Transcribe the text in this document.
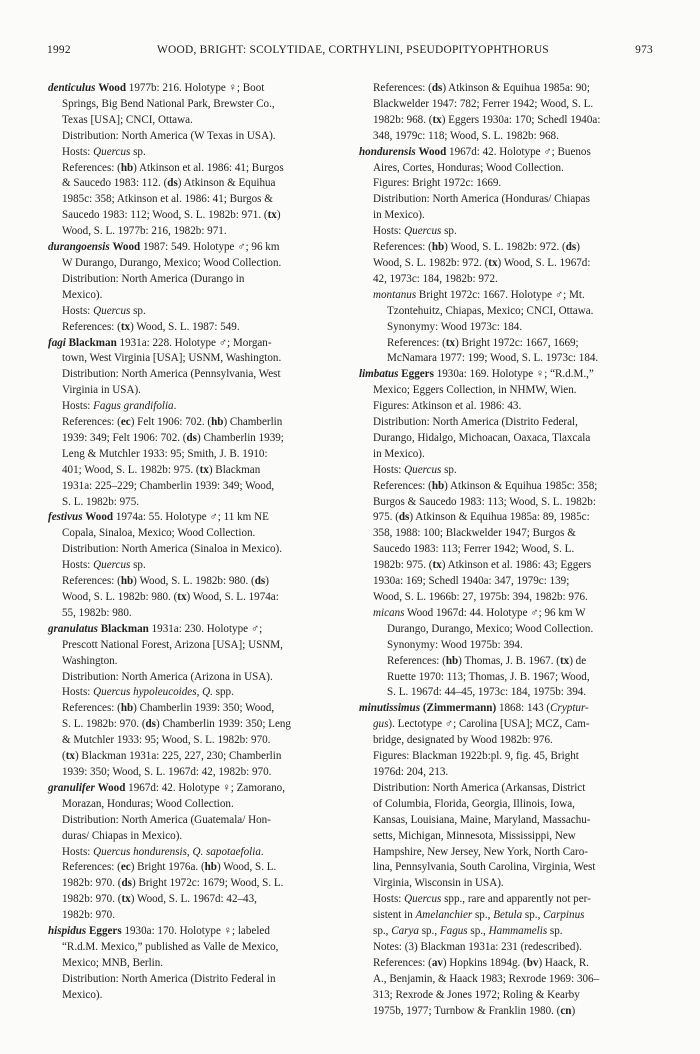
1992	WOOD, BRIGHT: SCOLYTIDAE, CORTHYLINI, PSEUDOPITYOPHTHORUS	973
denticulus Wood 1977b: 216. Holotype ♀; Boot
Springs, Big Bend National Park, Brewster Co.,
Texas [USA]; CNCI, Ottawa.
Distribution: North America (W Texas in USA).
Hosts: Quercus sp.
References: (hb) Atkinson et al. 1986: 41; Burgos
& Saucedo 1983: 112. (ds) Atkinson & Equihua
1985c: 358; Atkinson et al. 1986: 41; Burgos &
Saucedo 1983: 112; Wood, S. L. 1982b: 971. (tx)
Wood, S. L. 1977b: 216, 1982b: 971.
durangoensis Wood 1987: 549. Holotype ♂; 96 km
W Durango, Durango, Mexico; Wood Collection.
Distribution: North America (Durango in
Mexico).
Hosts: Quercus sp.
References: (tx) Wood, S. L. 1987: 549.
fagi Blackman 1931a: 228. Holotype ♂; Morgan-
town, West Virginia [USA]; USNM, Washington.
Distribution: North America (Pennsylvania, West
Virginia in USA).
Hosts: Fagus grandifolia.
References: (ec) Felt 1906: 702. (hb) Chamberlin
1939: 349; Felt 1906: 702. (ds) Chamberlin 1939;
Leng & Mutchler 1933: 95; Smith, J. B. 1910:
401; Wood, S. L. 1982b: 975. (tx) Blackman
1931a: 225–229; Chamberlin 1939: 349; Wood,
S. L. 1982b: 975.
festivus Wood 1974a: 55. Holotype ♂; 11 km NE
Copala, Sinaloa, Mexico; Wood Collection.
Distribution: North America (Sinaloa in Mexico).
Hosts: Quercus sp.
References: (hb) Wood, S. L. 1982b: 980. (ds)
Wood, S. L. 1982b: 980. (tx) Wood, S. L. 1974a:
55, 1982b: 980.
granulatus Blackman 1931a: 230. Holotype ♂;
Prescott National Forest, Arizona [USA]; USNM,
Washington.
Distribution: North America (Arizona in USA).
Hosts: Quercus hypoleucoides, Q. spp.
References: (hb) Chamberlin 1939: 350; Wood,
S. L. 1982b: 970. (ds) Chamberlin 1939: 350; Leng
& Mutchler 1933: 95; Wood, S. L. 1982b: 970.
(tx) Blackman 1931a: 225, 227, 230; Chamberlin
1939: 350; Wood, S. L. 1967d: 42, 1982b: 970.
granulifer Wood 1967d: 42. Holotype ♀; Zamorano,
Morazan, Honduras; Wood Collection.
Distribution: North America (Guatemala/ Hon-
duras/ Chiapas in Mexico).
Hosts: Quercus hondurensis, Q. sapotaefolia.
References: (ec) Bright 1976a. (hb) Wood, S. L.
1982b: 970. (ds) Bright 1972c: 1679; Wood, S. L.
1982b: 970. (tx) Wood, S. L. 1967d: 42–43,
1982b: 970.
hispidus Eggers 1930a: 170. Holotype ♀; labeled
“R.d.M. Mexico,” published as Valle de Mexico,
Mexico; MNB, Berlin.
Distribution: North America (Distrito Federal in
Mexico).
References: (ds) Atkinson & Equihua 1985a: 90;
Blackwelder 1947: 782; Ferrer 1942; Wood, S. L.
1982b: 968. (tx) Eggers 1930a: 170; Schedl 1940a:
348, 1979c: 118; Wood, S. L. 1982b: 968.
hondurensis Wood 1967d: 42. Holotype ♂; Buenos
Aires, Cortes, Honduras; Wood Collection.
Figures: Bright 1972c: 1669.
Distribution: North America (Honduras/ Chiapas
in Mexico).
Hosts: Quercus sp.
References: (hb) Wood, S. L. 1982b: 972. (ds)
Wood, S. L. 1982b: 972. (tx) Wood, S. L. 1967d:
42, 1973c: 184, 1982b: 972.
montanus Bright 1972c: 1667. Holotype ♂; Mt.
Tzontehuitz, Chiapas, Mexico; CNCI, Ottawa.
Synonymy: Wood 1973c: 184.
References: (tx) Bright 1972c: 1667, 1669;
McNamara 1977: 199; Wood, S. L. 1973c: 184.
limbatus Eggers 1930a: 169. Holotype ♀; “R.d.M.,”
Mexico; Eggers Collection, in NHMW, Wien.
Figures: Atkinson et al. 1986: 43.
Distribution: North America (Distrito Federal,
Durango, Hidalgo, Michoacan, Oaxaca, Tlaxcala
in Mexico).
Hosts: Quercus sp.
References: (hb) Atkinson & Equihua 1985c: 358;
Burgos & Saucedo 1983: 113; Wood, S. L. 1982b:
975. (ds) Atkinson & Equihua 1985a: 89, 1985c:
358, 1988: 100; Blackwelder 1947; Burgos &
Saucedo 1983: 113; Ferrer 1942; Wood, S. L.
1982b: 975. (tx) Atkinson et al. 1986: 43; Eggers
1930a: 169; Schedl 1940a: 347, 1979c: 139;
Wood, S. L. 1966b: 27, 1975b: 394, 1982b: 976.
micans Wood 1967d: 44. Holotype ♂; 96 km W
Durango, Durango, Mexico; Wood Collection.
Synonymy: Wood 1975b: 394.
References: (hb) Thomas, J. B. 1967. (tx) de
Ruette 1970: 113; Thomas, J. B. 1967; Wood,
S. L. 1967d: 44–45, 1973c: 184, 1975b: 394.
minutissimus (Zimmermann) 1868: 143 (Cryptur-
gus). Lectotype ♂; Carolina [USA]; MCZ, Cam-
bridge, designated by Wood 1982b: 976.
Figures: Blackman 1922b:pl. 9, fig. 45, Bright
1976d: 204, 213.
Distribution: North America (Arkansas, District
of Columbia, Florida, Georgia, Illinois, Iowa,
Kansas, Louisiana, Maine, Maryland, Massachu-
setts, Michigan, Minnesota, Mississippi, New
Hampshire, New Jersey, New York, North Caro-
lina, Pennsylvania, South Carolina, Virginia, West
Virginia, Wisconsin in USA).
Hosts: Quercus spp., rare and apparently not per-
sistent in Amelanchier sp., Betula sp., Carpinus
sp., Carya sp., Fagus sp., Hammamelis sp.
Notes: (3) Blackman 1931a: 231 (redescribed).
References: (av) Hopkins 1894g. (bv) Haack, R.
A., Benjamin, & Haack 1983; Rexrode 1969: 306–
313; Rexrode & Jones 1972; Roling & Kearby
1975b, 1977; Turnbow & Franklin 1980. (cn)
